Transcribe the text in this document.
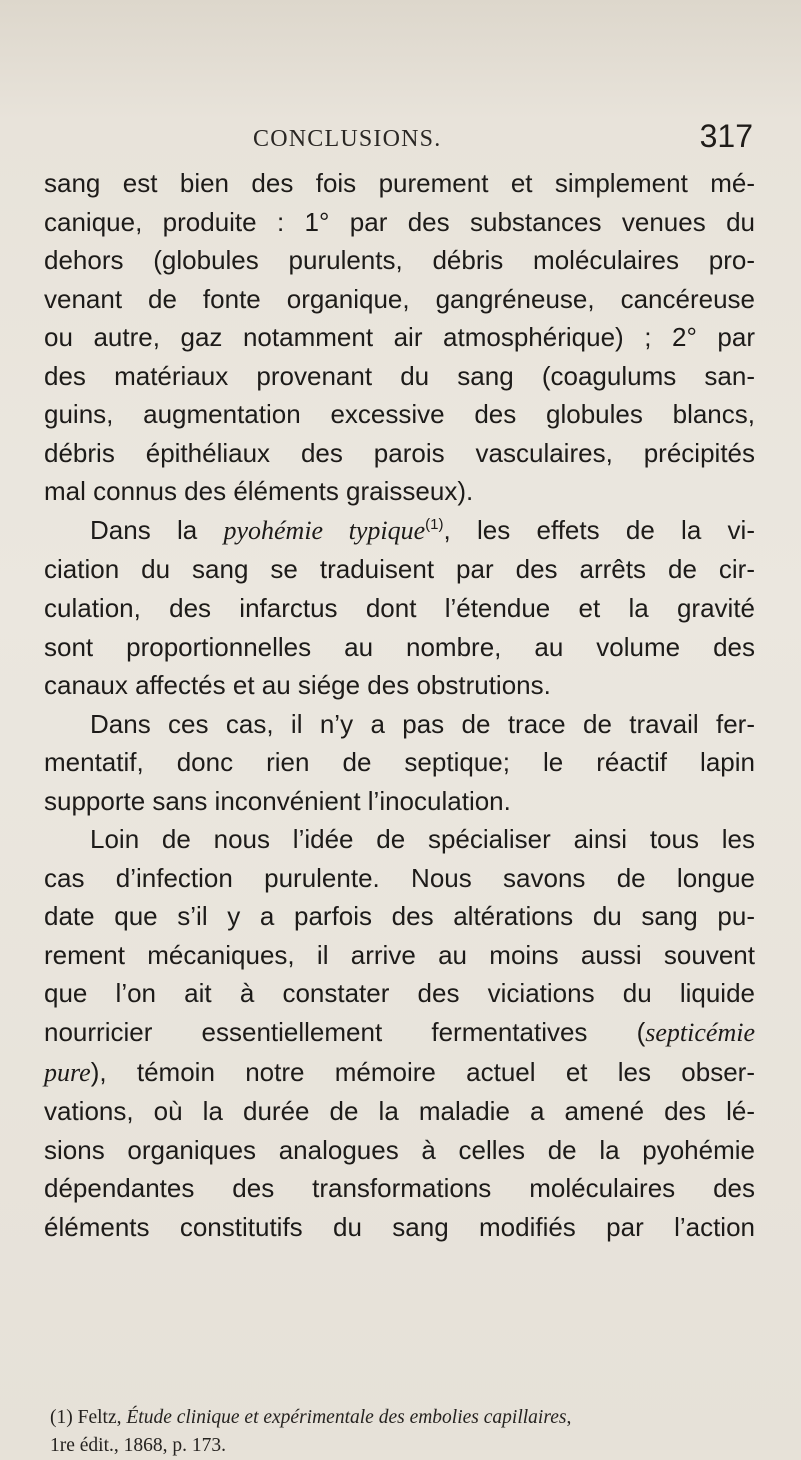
CONCLUSIONS.	317
sang est bien des fois purement et simplement mé-
canique, produite : 1° par des substances venues du
dehors (globules purulents, débris moléculaires pro-
venant de fonte organique, gangréneuse, cancéreuse
ou autre, gaz notamment air atmosphérique) ; 2° par
des matériaux provenant du sang (coagulums san-
guins, augmentation excessive des globules blancs,
débris épithéliaux des parois vasculaires, précipités
mal connus des éléments graisseux).
Dans la pyohémie typique$^{(1)}$, les effets de la vi-
ciation du sang se traduisent par des arrêts de cir-
culation, des infarctus dont l’étendue et la gravité
sont proportionnelles au nombre, au volume des
canaux affectés et au siége des obstrutions.
Dans ces cas, il n’y a pas de trace de travail fer-
mentatif, donc rien de septique; le réactif lapin
supporte sans inconvénient l’inoculation.
Loin de nous l’idée de spécialiser ainsi tous les
cas d’infection purulente. Nous savons de longue
date que s’il y a parfois des altérations du sang pu-
rement mécaniques, il arrive au moins aussi souvent
que l’on ait à constater des viciations du liquide
nourricier essentiellement fermentatives (septicémie
pure), témoin notre mémoire actuel et les obser-
vations, où la durée de la maladie a amené des lé-
sions organiques analogues à celles de la pyohémie
dépendantes des transformations moléculaires des
éléments constitutifs du sang modifiés par l’action
(1) Feltz, Étude clinique et expérimentale des embolies capillaires,
1re édit., 1868, p. 173.
